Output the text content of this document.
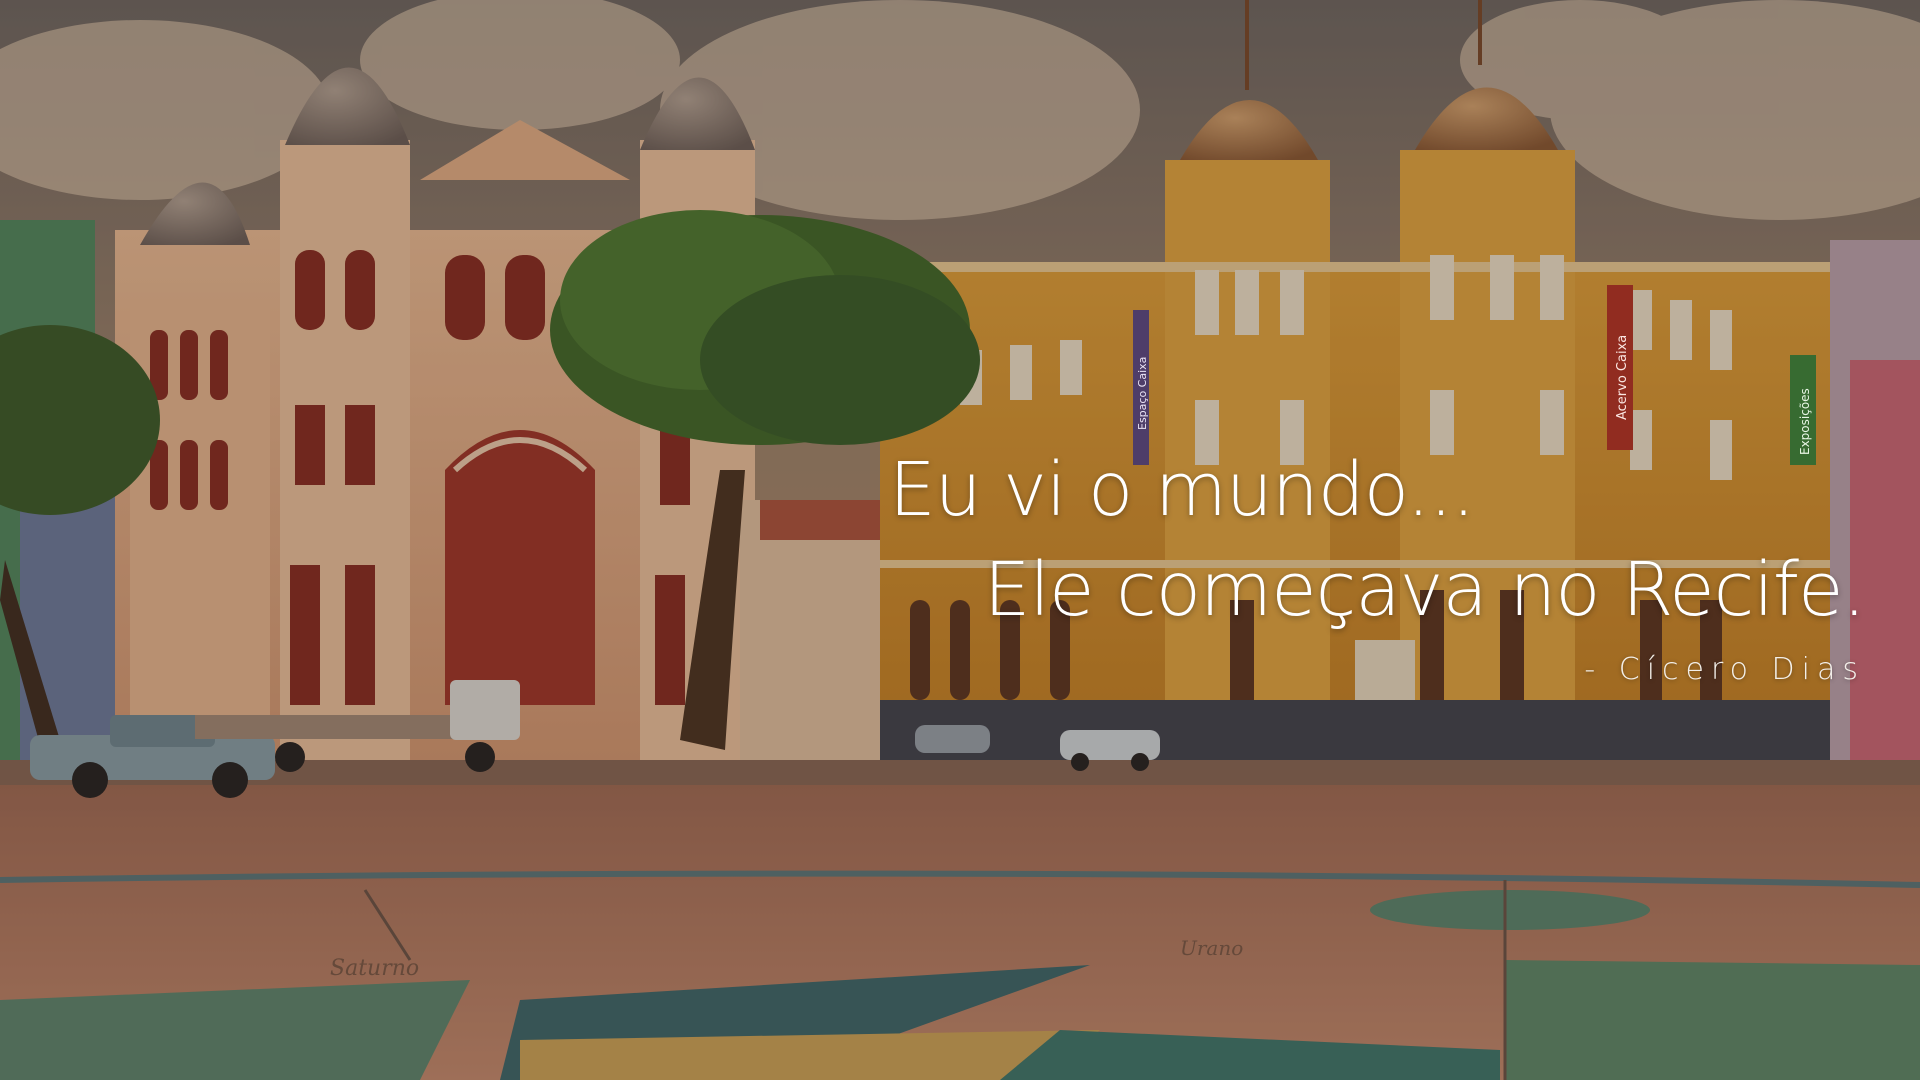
Saturno
Urano
Eu vi o mundo...
Ele começava no Recife.
- Cícero Dias
Espaço Caixa	Acervo Caixa
Exposições
